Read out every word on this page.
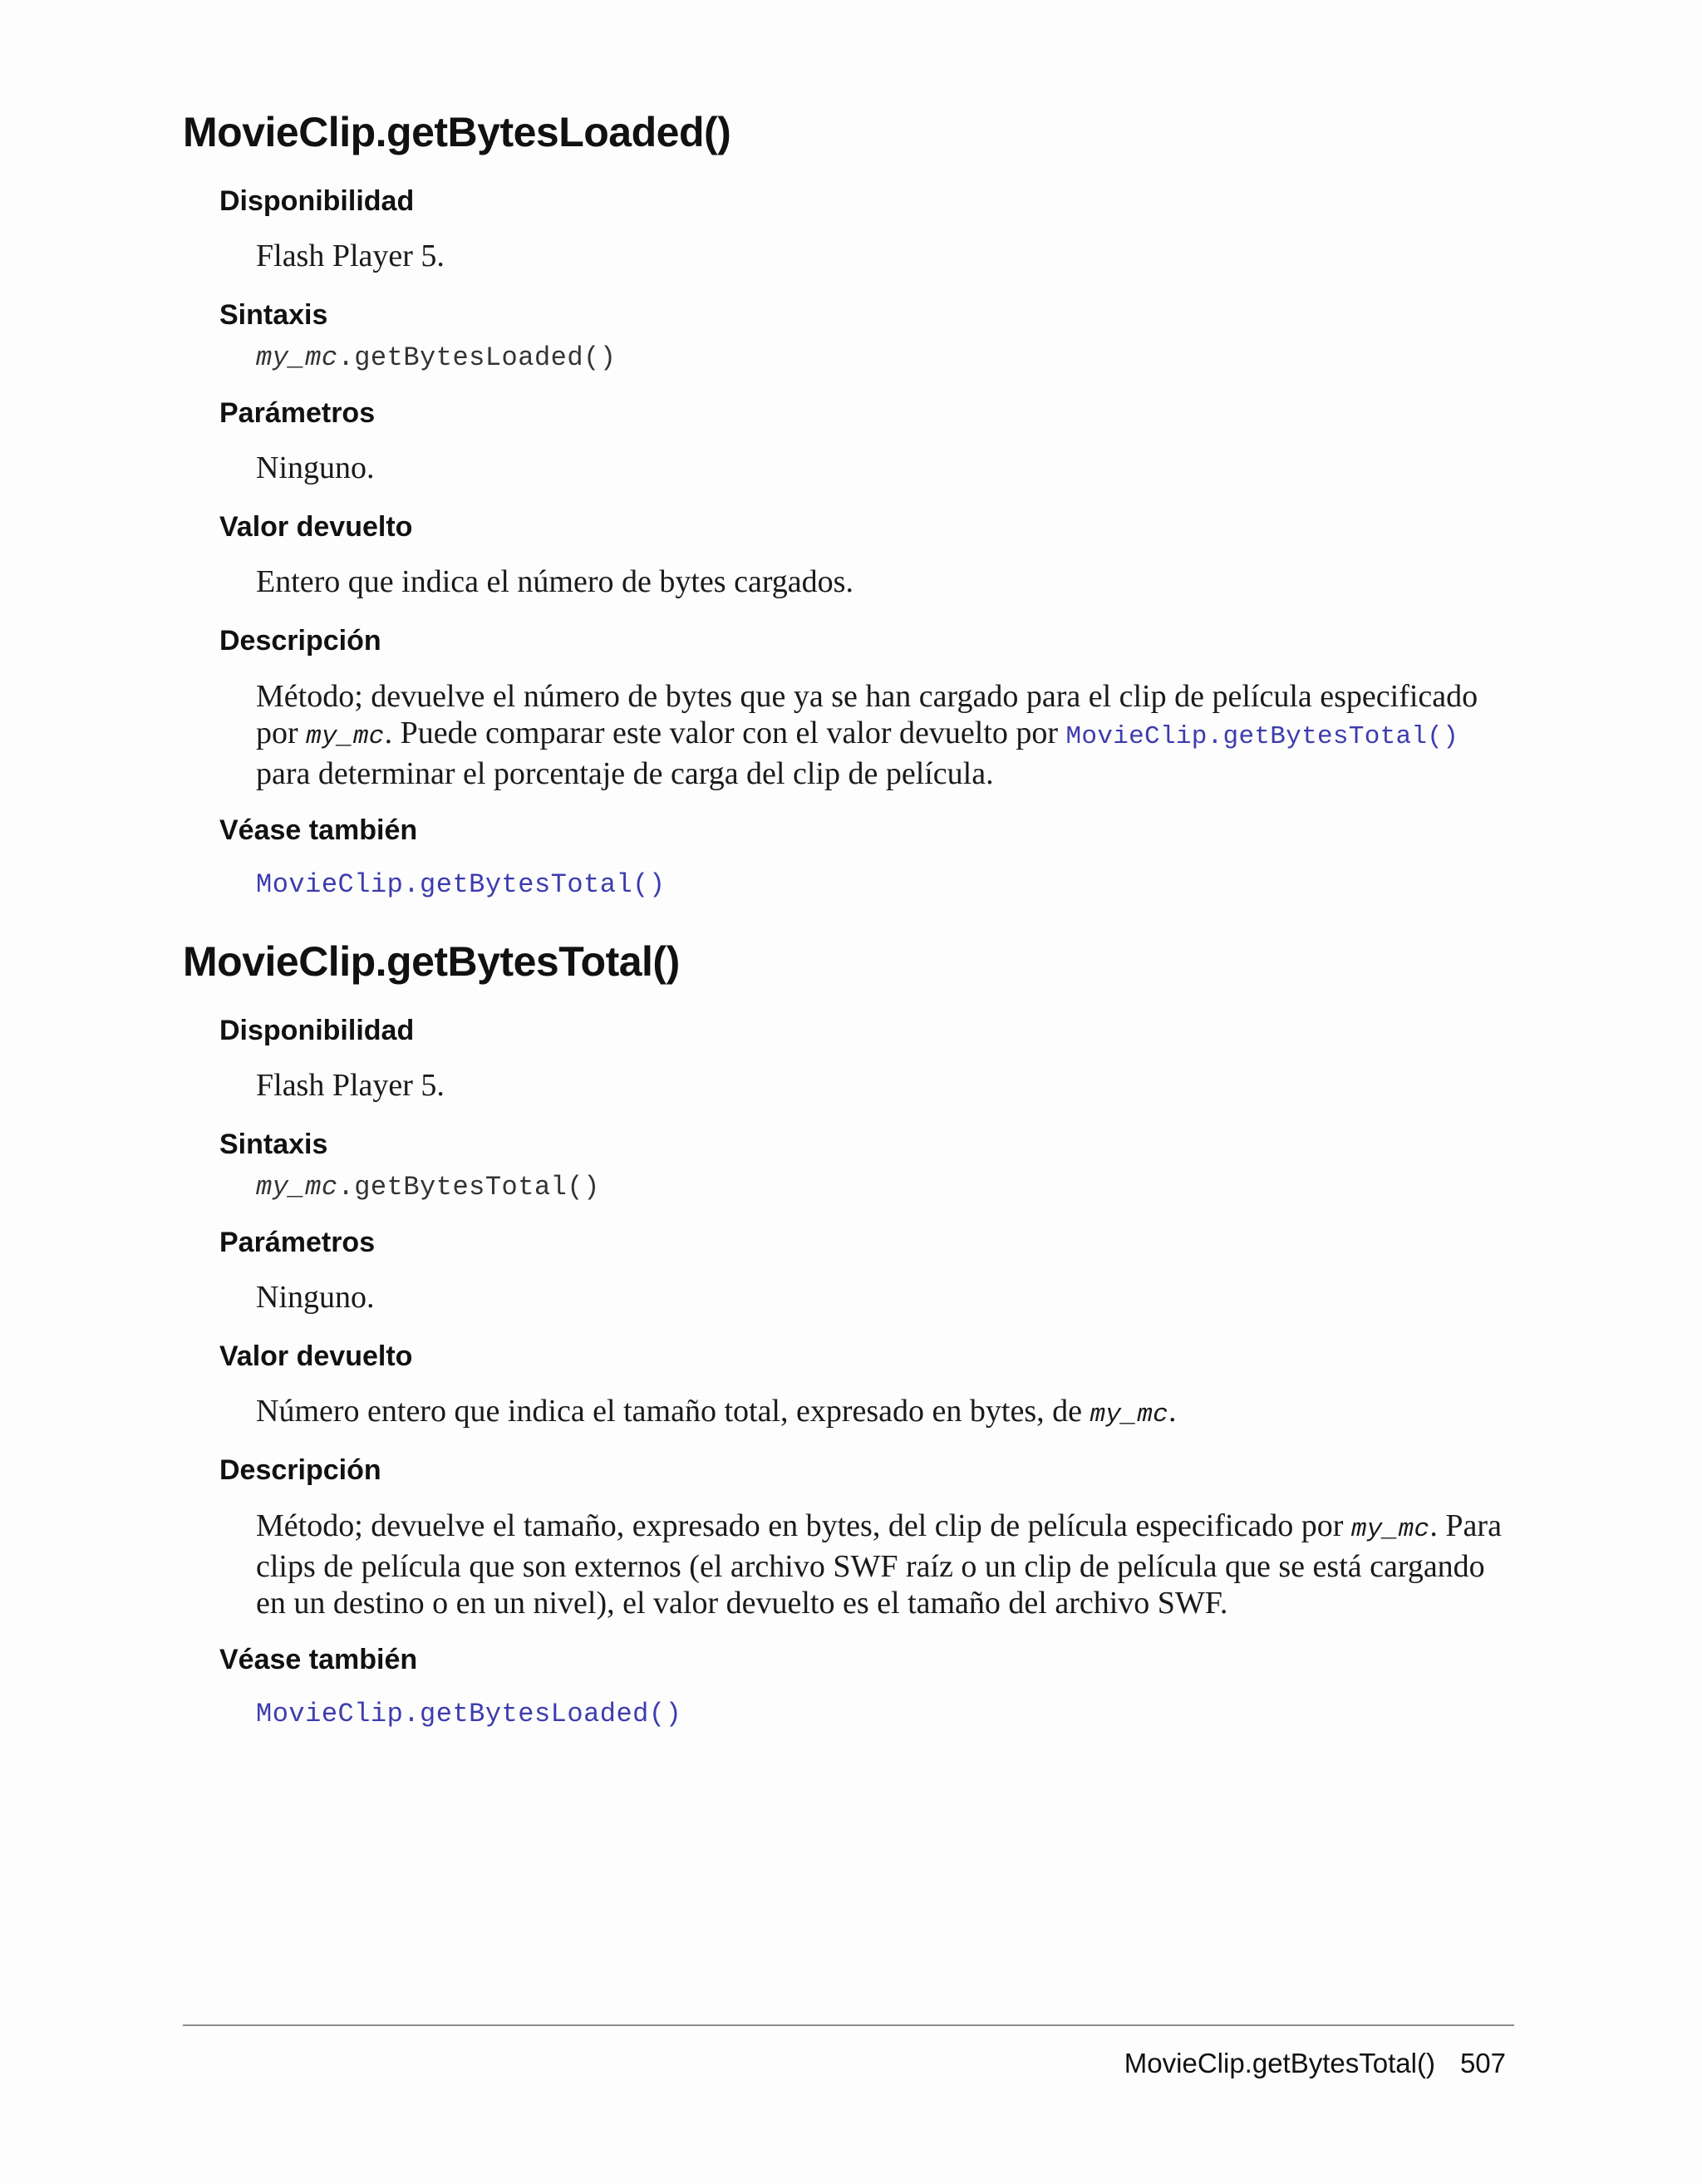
MovieClip.getBytesLoaded()
Disponibilidad

Flash Player 5.

Sintaxis

my_mc.getBytesLoaded()

Parámetros

Ninguno.

Valor devuelto

Entero que indica el número de bytes cargados.

Descripción

Método; devuelve el número de bytes que ya se han cargado para el clip de película especificado por my_mc. Puede comparar este valor con el valor devuelto por MovieClip.getBytesTotal() para determinar el porcentaje de carga del clip de película.

Véase también

MovieClip.getBytesTotal()

MovieClip.getBytesTotal()
Disponibilidad

Flash Player 5.

Sintaxis

my_mc.getBytesTotal()

Parámetros

Ninguno.

Valor devuelto

Número entero que indica el tamaño total, expresado en bytes, de my_mc.

Descripción

Método; devuelve el tamaño, expresado en bytes, del clip de película especificado por my_mc. Para clips de película que son externos (el archivo SWF raíz o un clip de película que se está cargando en un destino o en un nivel), el valor devuelto es el tamaño del archivo SWF.

Véase también

MovieClip.getBytesLoaded()

MovieClip.getBytesTotal() 507
